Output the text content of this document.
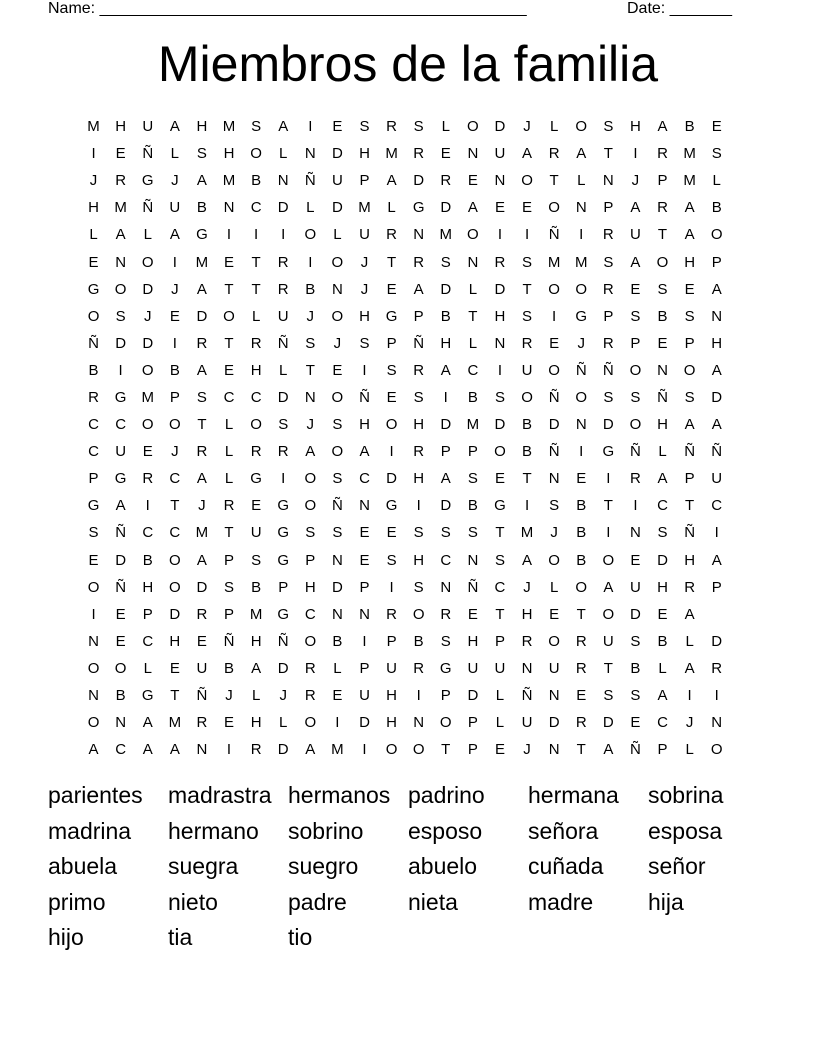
Name: ________________________________________________

	Date: _______

Miembros de la familia
M	H	U	A	H	M	S	A	I	E	S	R	S	L	O	D	J	L	O	S	H	A	B	E
I	E	Ñ	L	S	H	O	L	N	D	H	M	R	E	N	U	A	R	A	T	I	R	M	S
J	R	G	J	A	M	B	N	Ñ	U	P	A	D	R	E	N	O	T	L	N	J	P	M	L
H	M	Ñ	U	B	N	C	D	L	D	M	L	G	D	A	E	E	O	N	P	A	R	A	B
L	A	L	A	G	I	I	I	O	L	U	R	N	M	O	I	I	Ñ	I	R	U	T	A	O
E	N	O	I	M	E	T	R	I	O	J	T	R	S	N	R	S	M M	S	A	O	H	P
G	O	D	J	A	T	T	R	B	N	J	E	A	D	L	D	T	O	O	R	E	S	E	A
O	S	J	E	D	O	L	U	J	O	H	G	P	B	T	H	S	I	G	P	S	B	S	N
Ñ	D	D	I	R	T	R	Ñ	S	J	S	P	Ñ	H	L	N	R	E	J	R	P	E	P	H
B	I	O	B	A	E	H	L	T	E	I	S	R	A	C	I	U	O	Ñ	Ñ	O	N	O	A
R	G	M	P	S	C	C	D	N	O	Ñ	E	S	I	B	S	O	Ñ	O	S	S	Ñ	S	D
C	C	O	O	T	L	O	S	J	S	H	O	H	D	M	D	B	D	N	D	O	H	A	A
C	U	E	J	R	L	R	R	A	O	A	I	R	P	P	O	B	Ñ	I	G	Ñ	L	Ñ	Ñ
P	G	R	C	A	L	G	I	O	S	C	D	H	A	S	E	T	N	E	I	R	A	P	U
G	A	I	T	J	R	E	G	O	Ñ	N	G	I	D	B	G	I	S	B	T	I	C	T	C
S	Ñ	C	C	M	T	U	G	S	S	E	E	S	S	S	T	M	J	B	I	N	S	Ñ	I
E	D	B	O	A	P	S	G	P	N	E	S	H	C	N	S	A	O	B	O	E	D	H	A
O	Ñ	H	O	D	S	B	P	H	D	P	I	S	N	Ñ	C	J	L	O	A	U	H	R	P
I	E	P	D	R	P	M	G	C	N	N	R	O	R	E	T	H	E	T	O	D	E	A
N	E	C	H	E	Ñ	H	Ñ	O	B	I	P	B	S	H	P	R	O	R	U	S	B	L	D
O	O	L	E	U	B	A	D	R	L	P	U	R	G	U	U	N	U	R	T	B	L	A	R
N	B	G	T	Ñ	J	L	J	R	E	U	H	I	P	D	L	Ñ	N	E	S	S	A	I	I
O	N	A	M	R	E	H	L	O	I	D	H	N	O	P	L	U	D	R	D	E	C	J	N
A	C	A	A	N	I	R	D	A	M	I	O	O	T	P	E	J	N	T	A	Ñ	P	L	O
parientes	madrastra hermanos padrino	hermana	sobrina
madrina	hermano	sobrino	esposo	señora	esposa
abuela	suegra	suegro	abuelo	cuñada	señor
primo	nieto	padre	nieta	madre	hija
hijo	tia	tio
